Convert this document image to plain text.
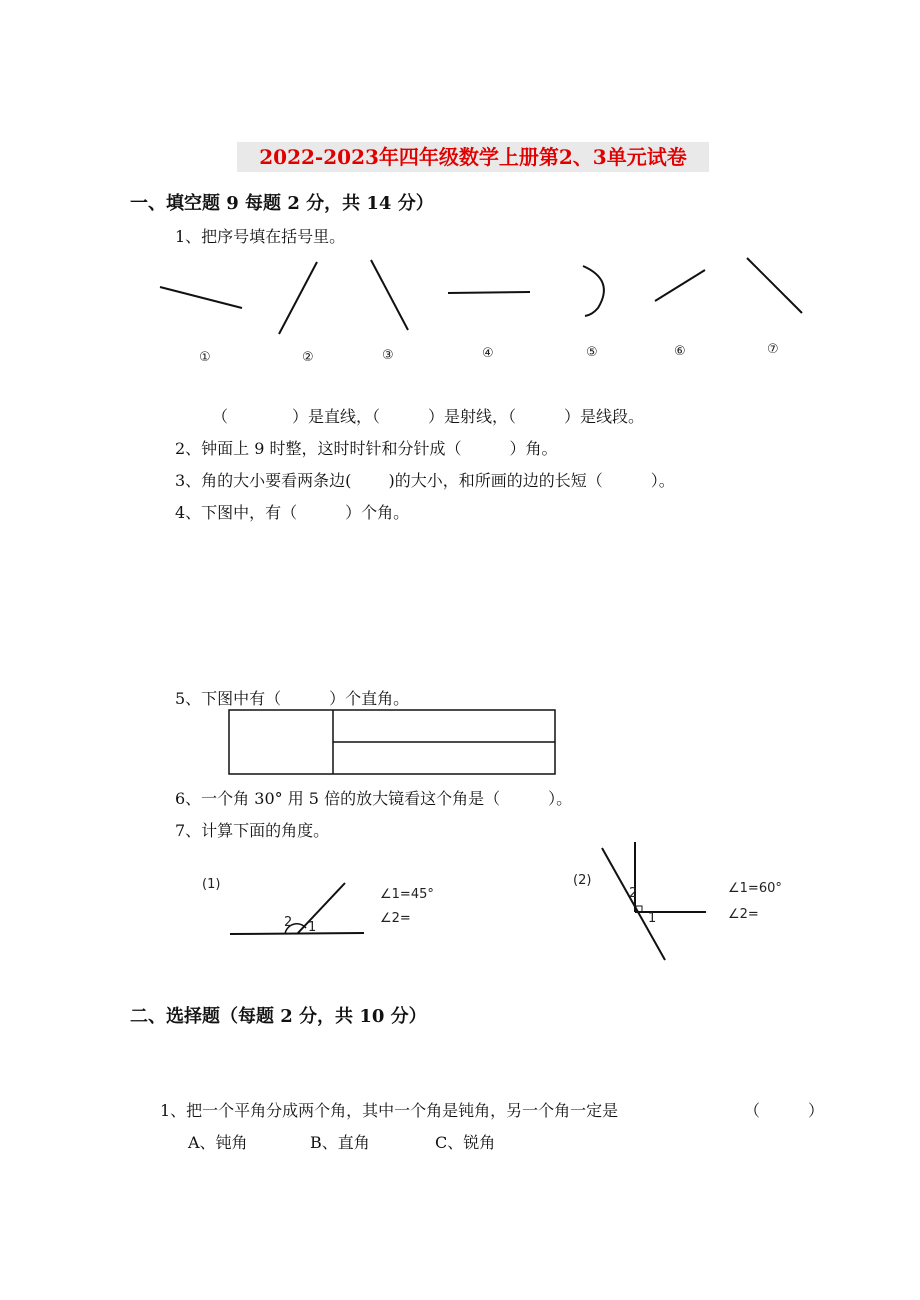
2022-2023年四年级数学上册第2、3单元试卷
一、填空题 9 每题 2 分，共 14 分）
1、把序号填在括号里。
①	②	③	④	⑤	⑥	⑦
（　　　　）是直线，（　　　）是射线，（　　　）是线段。
2、钟面上 9 时整，这时时针和分针成（　　　）角。
3、角的大小要看两条边(　　 )的大小，和所画的边的长短（　　　）。
4、下图中，有（　　　）个角。
5、下图中有（　　　）个直角。
6、一个角 30° 用 5 倍的放大镜看这个角是（　　　）。
7、计算下面的角度。
(1)
2 1
∠1=45°
∠2=
(2)
2
1
∠1=60°
∠2=
二、选择题（每题 2 分，共 10 分）
1、把一个平角分成两个角，其中一个角是钝角，另一个角一定是	（　　　）
A、钝角	B、直角	C、锐角
